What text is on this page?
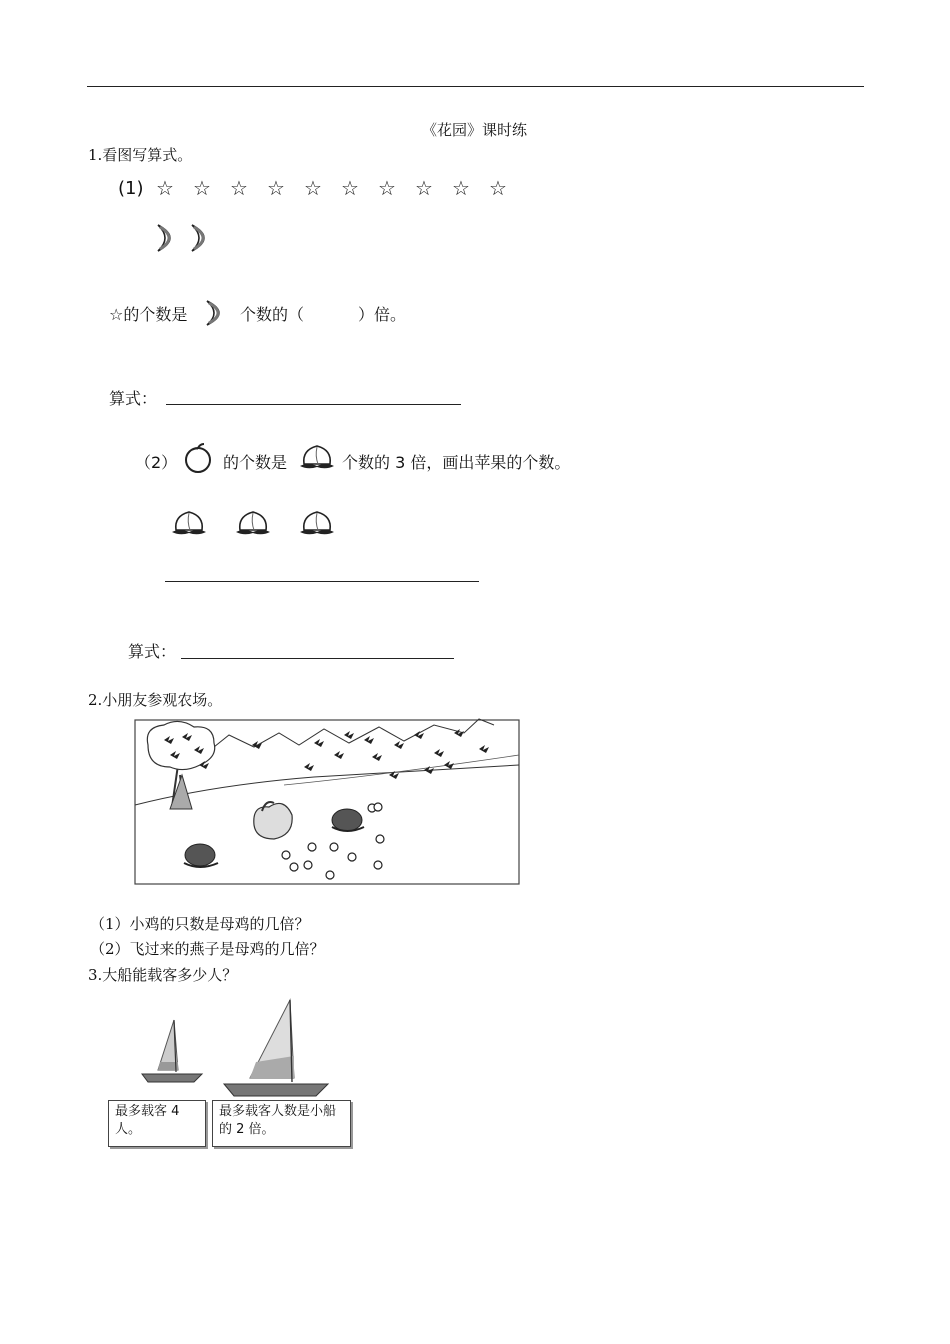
《花园》课时练
1.看图写算式。
(1) ☆ ☆ ☆ ☆ ☆ ☆ ☆ ☆ ☆ ☆
☆的个数是	个数的（	）倍。
算式：
（2）	的个数是	个数的 3 倍，画出苹果的个数。
算式：
2.小朋友参观农场。
（1）小鸡的只数是母鸡的几倍？
（2）飞过来的燕子是母鸡的几倍？
3.大船能载客多少人？
最多载客 4 人。
最多载客人数是小船的 2 倍。
